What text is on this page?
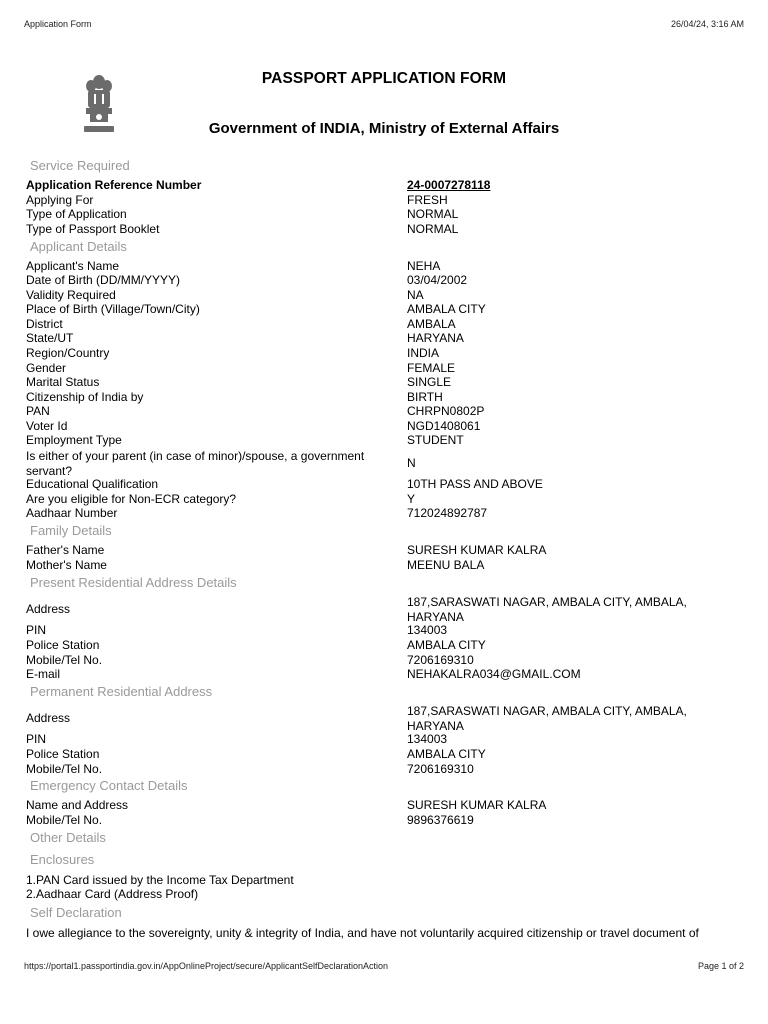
Application Form	26/04/24, 3:16 AM
PASSPORT APPLICATION FORM
Government of INDIA, Ministry of External Affairs
Service Required
Application Reference Number	24-0007278118
Applying For	FRESH
Type of Application	NORMAL
Type of Passport Booklet	NORMAL
Applicant Details
Applicant's Name	NEHA
Date of Birth (DD/MM/YYYY)	03/04/2002
Validity Required	NA
Place of Birth (Village/Town/City)	AMBALA CITY
District	AMBALA
State/UT	HARYANA
Region/Country	INDIA
Gender	FEMALE
Marital Status	SINGLE
Citizenship of India by	BIRTH
PAN	CHRPN0802P
Voter Id	NGD1408061
Employment Type	STUDENT
Is either of your parent (in case of minor)/spouse, a government servant?
N
Educational Qualification	10TH PASS AND ABOVE
Are you eligible for Non-ECR category?	Y
Aadhaar Number	712024892787
Family Details
Father's Name	SURESH KUMAR KALRA
Mother's Name	MEENU BALA
Present Residential Address Details
Address	187,SARASWATI NAGAR, AMBALA CITY, AMBALA, HARYANA
PIN	134003
Police Station	AMBALA CITY
Mobile/Tel No.	7206169310
E-mail	NEHAKALRA034@GMAIL.COM
Permanent Residential Address
Address	187,SARASWATI NAGAR, AMBALA CITY, AMBALA, HARYANA
PIN	134003
Police Station	AMBALA CITY
Mobile/Tel No.	7206169310
Emergency Contact Details
Name and Address	SURESH KUMAR KALRA
Mobile/Tel No.	9896376619
Other Details
Enclosures
1.PAN Card issued by the Income Tax Department
2.Aadhaar Card (Address Proof)
Self Declaration
I owe allegiance to the sovereignty, unity & integrity of India, and have not voluntarily acquired citizenship or travel document of
https://portal1.passportindia.gov.in/AppOnlineProject/secure/ApplicantSelfDeclarationAction	Page 1 of 2
